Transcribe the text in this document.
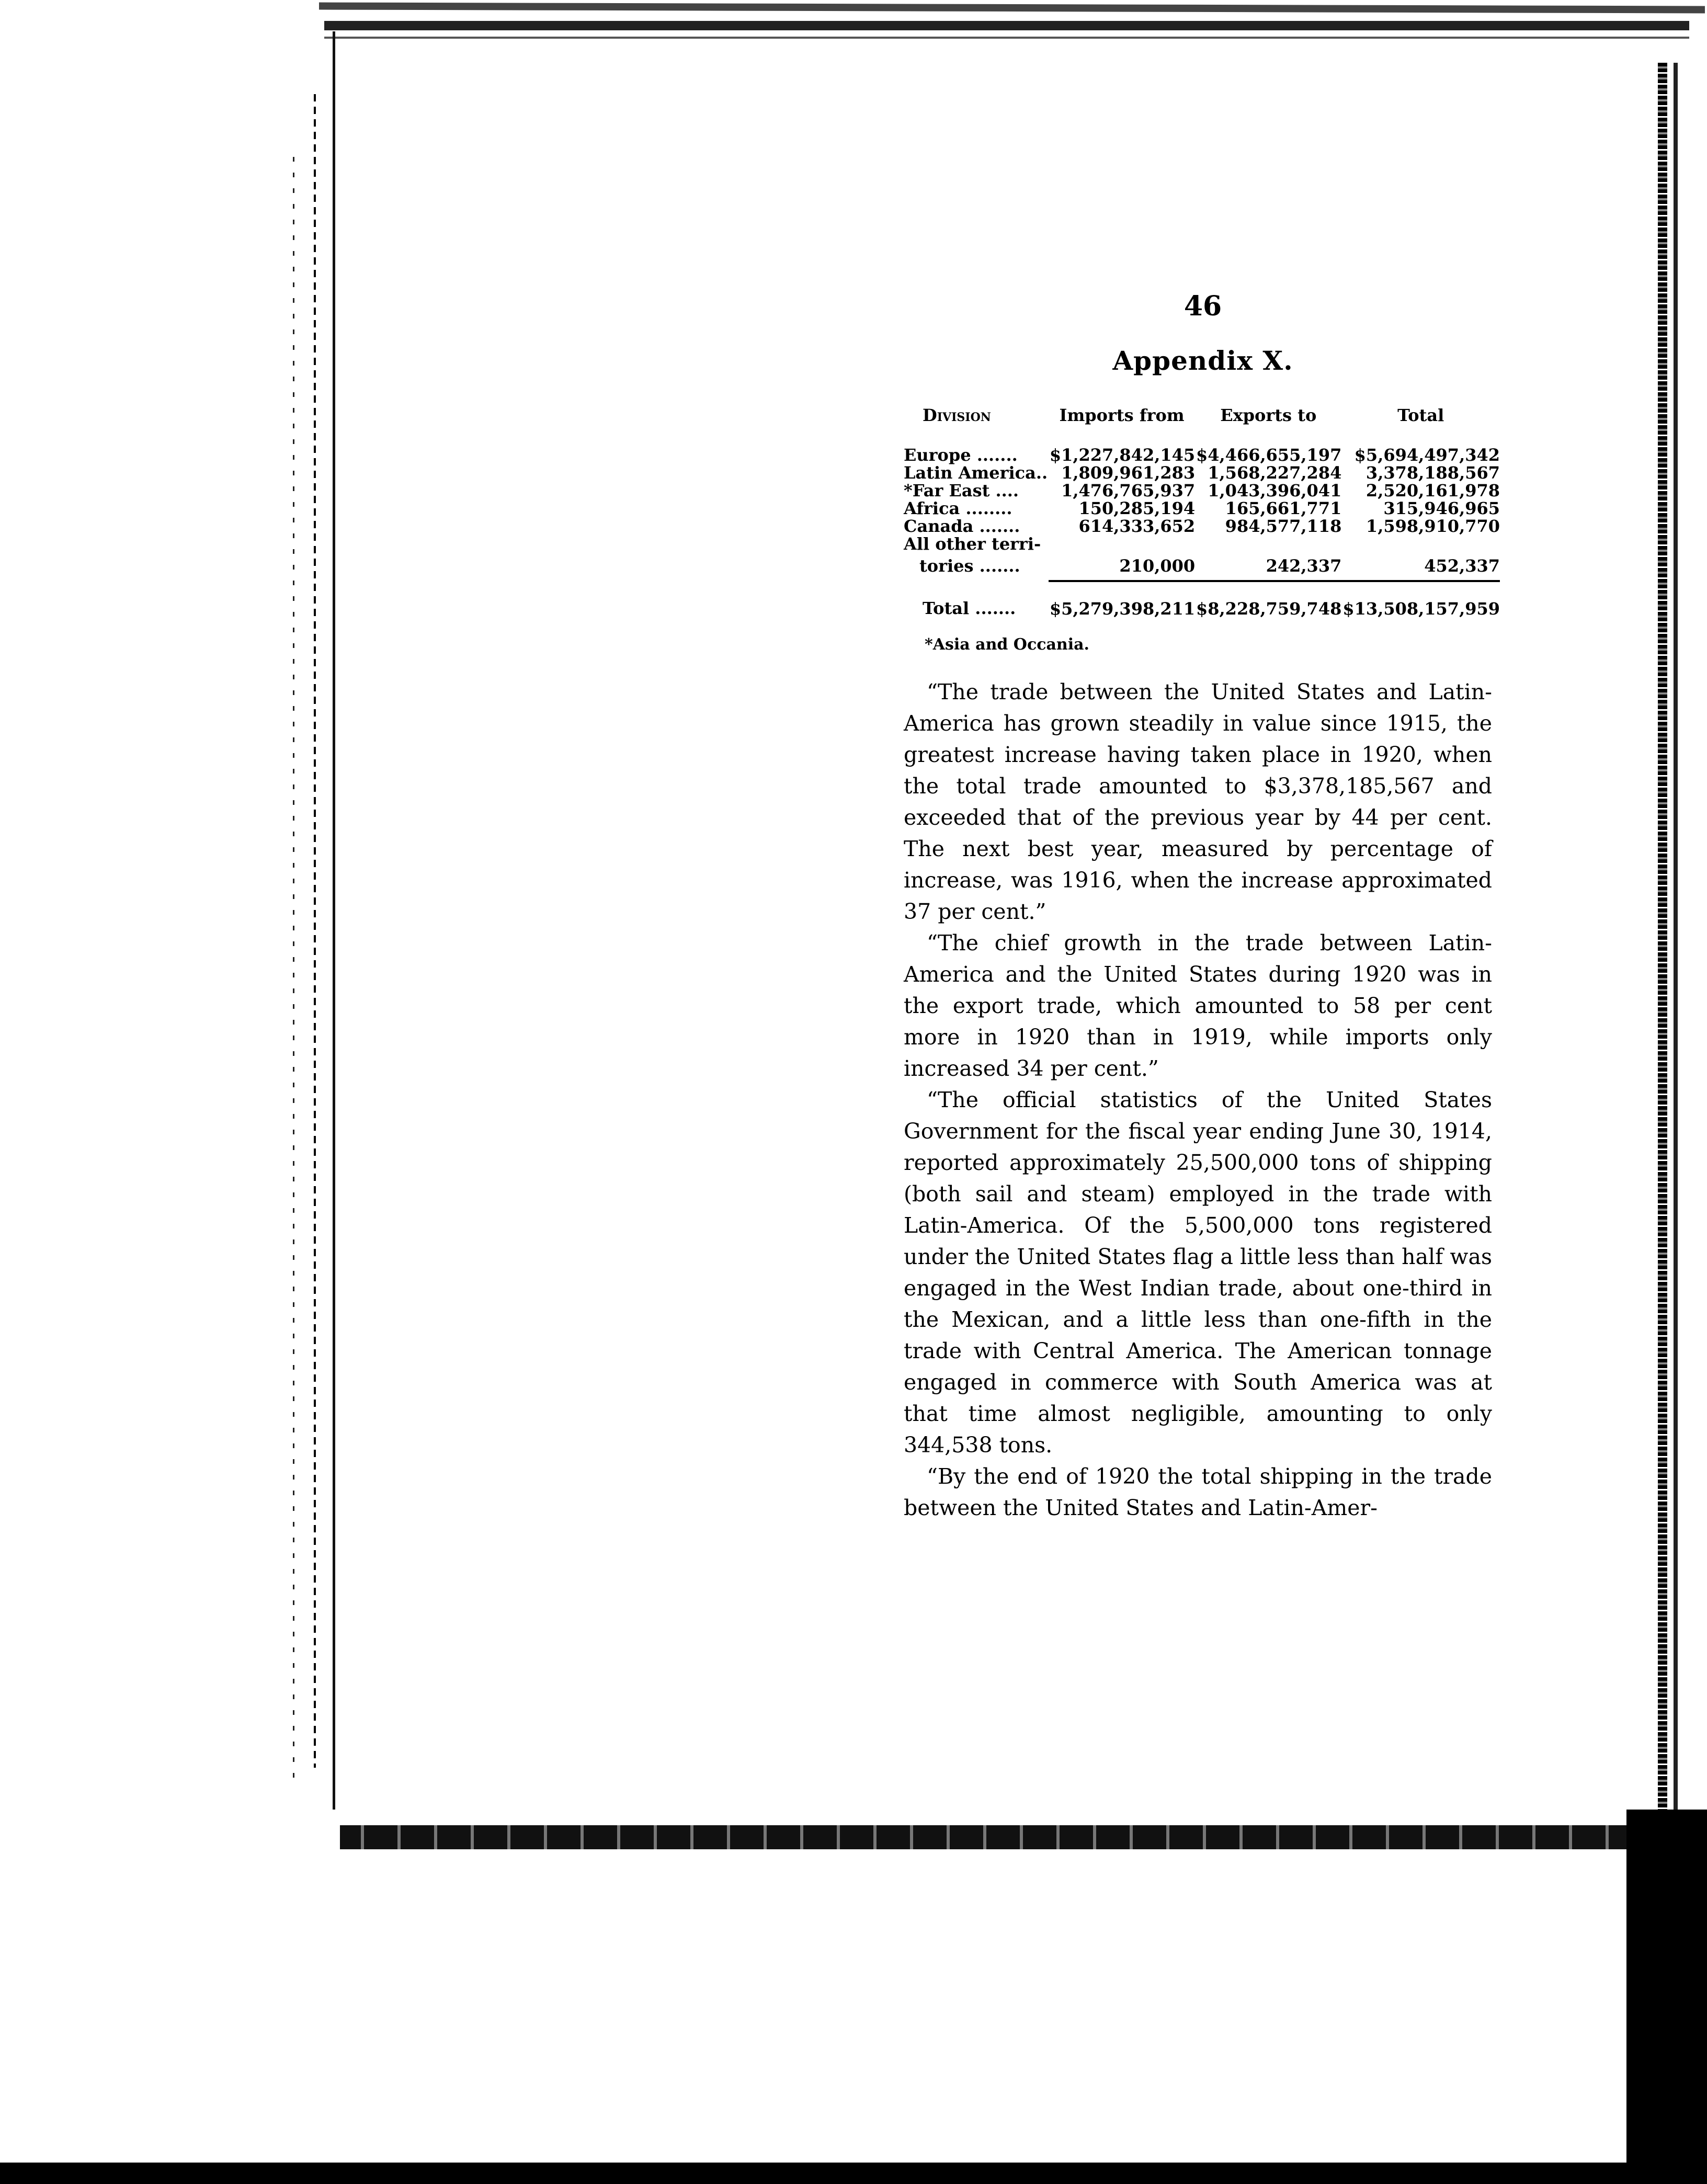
46
Appendix X.
Division	Imports from	Exports to	Total
Europe .......	$1,227,842,145	$4,466,655,197	$5,694,497,342
Latin America..	1,809,961,283	1,568,227,284	3,378,188,567
*Far East ....	1,476,765,937	1,043,396,041	2,520,161,978
Africa ........	150,285,194	165,661,771	315,946,965
Canada .......	614,333,652	984,577,118	1,598,910,770
All other terri-			

tories .......	210,000	242,337	452,337

Total .......	$5,279,398,211	$8,228,759,748	$13,508,157,959
*Asia and Occania.

“The trade between the United States and Latin-America has grown steadily in value since 1915, the greatest increase having taken place in 1920, when the total trade amounted to $3,378,185,567 and exceeded that of the previous year by 44 per cent. The next best year, measured by percentage of increase, was 1916, when the increase approximated 37 per cent.”

“The chief growth in the trade between Latin-America and the United States during 1920 was in the export trade, which amounted to 58 per cent more in 1920 than in 1919, while imports only increased 34 per cent.”

“The official statistics of the United States Government for the fiscal year ending June 30, 1914, reported approximately 25,500,000 tons of shipping (both sail and steam) employed in the trade with Latin-America. Of the 5,500,000 tons registered under the United States flag a little less than half was engaged in the West Indian trade, about one-third in the Mexican, and a little less than one-fifth in the trade with Central America. The American tonnage engaged in commerce with South America was at that time almost negligible, amounting to only 344,538 tons.

“By the end of 1920 the total shipping in the trade between the United States and Latin-Amer-
